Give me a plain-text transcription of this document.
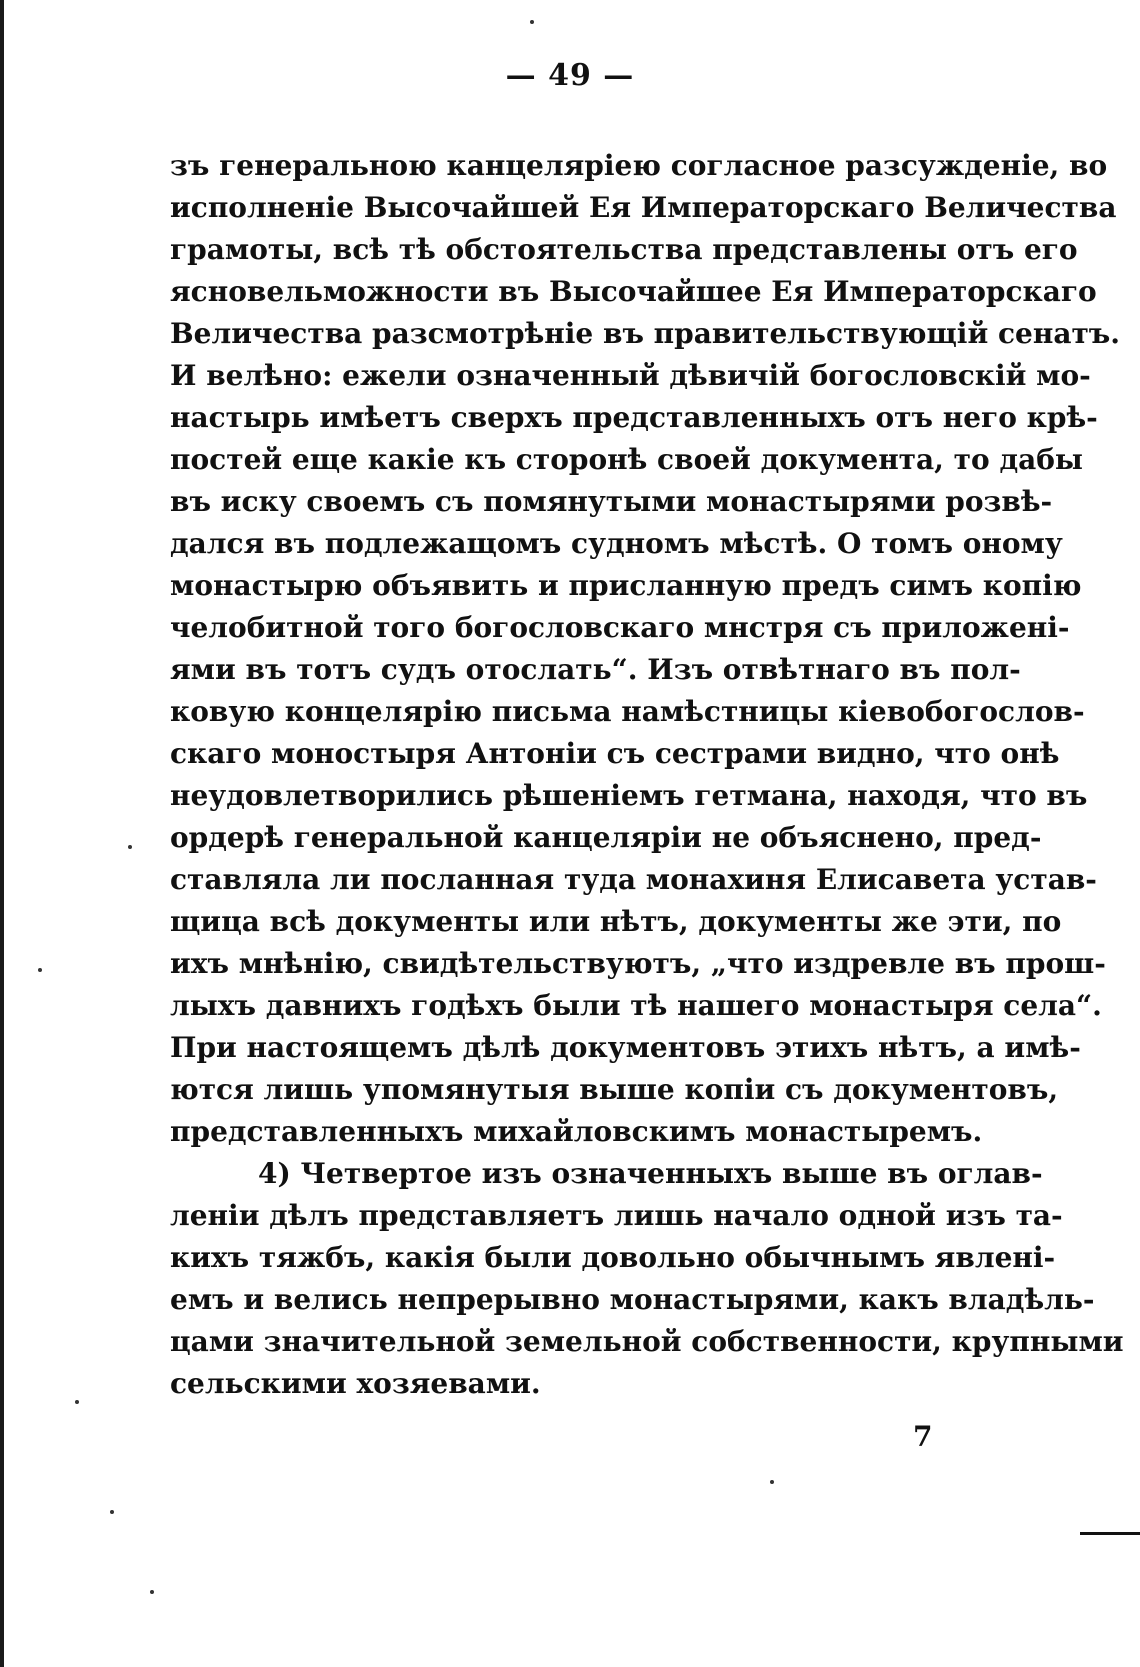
— 49 —
зъ генеральною канцеляріею согласное разсужденіе, во
исполненіе Высочайшей Ея Императорскаго Величества
грамоты, всѣ тѣ обстоятельства представлены отъ его
ясновельможности въ Высочайшее Ея Императорскаго
Величества разсмотрѣніе въ правительствующій сенатъ.
И велѣно: ежели означенный дѣвичій богословскій мо-
настырь имѣетъ сверхъ представленныхъ отъ него крѣ-
постей еще какіе къ сторонѣ своей документа, то дабы
въ иску своемъ съ помянутыми монастырями розвѣ-
дался въ подлежащомъ судномъ мѣстѣ. О томъ оному
монастырю объявить и присланную предъ симъ копію
челобитной того богословскаго мнстря съ приложені-
ями въ тотъ судъ отослать“. Изъ отвѣтнаго въ пол-
ковую концелярію письма намѣстницы кіевобогослов-
скаго моностыря Антоніи съ сестрами видно, что онѣ
неудовлетворились рѣшеніемъ гетмана, находя, что въ
ордерѣ генеральной канцеляріи не объяснено, пред-
ставляла ли посланная туда монахиня Елисавета устав-
щица всѣ документы или нѣтъ, документы же эти, по
ихъ мнѣнію, свидѣтельствуютъ, „что издревле въ прош-
лыхъ давнихъ годѣхъ были тѣ нашего монастыря села“.
При настоящемъ дѣлѣ документовъ этихъ нѣтъ, а имѣ-
ются лишь упомянутыя выше копіи съ документовъ,
представленныхъ михайловскимъ монастыремъ.
4) Четвертое изъ означенныхъ выше въ оглав-
леніи дѣлъ представляетъ лишь начало одной изъ та-
кихъ тяжбъ, какія были довольно обычнымъ явлені-
емъ и велись непрерывно монастырями, какъ владѣль-
цами значительной земельной собственности, крупными
сельскими хозяевами.
7
